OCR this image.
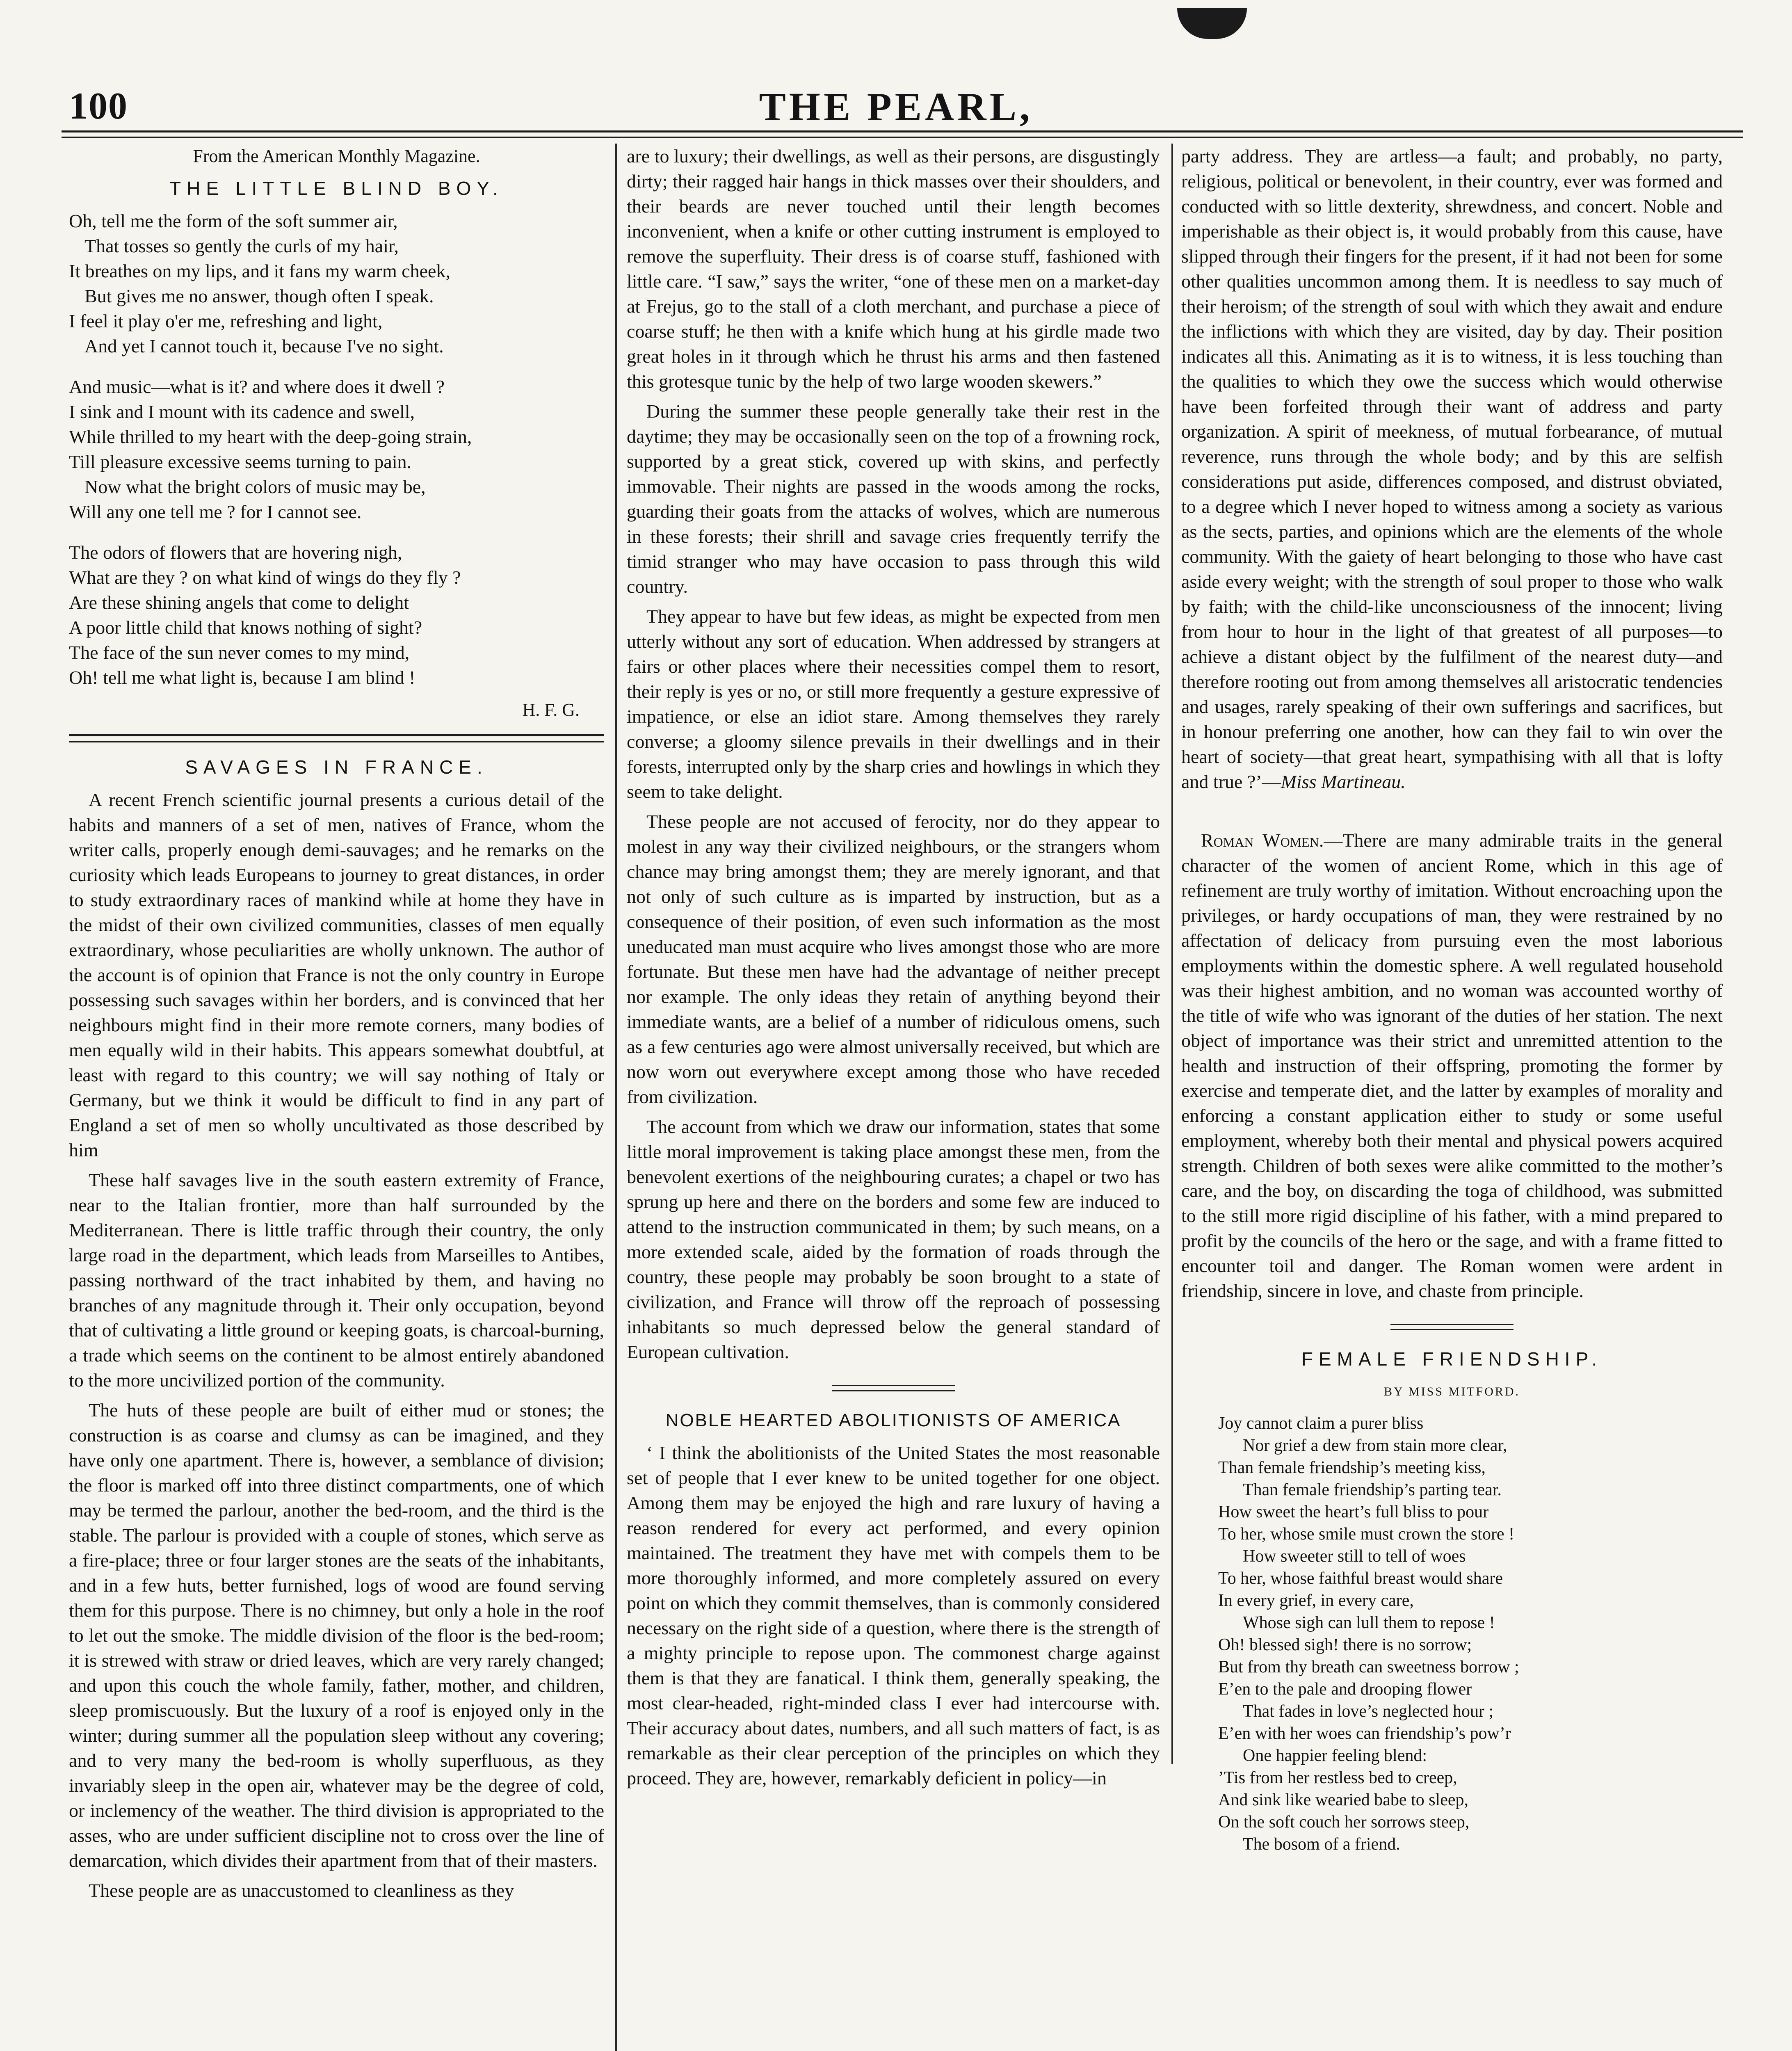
100	THE PEARL,
From the American Monthly Magazine.
THE LITTLE BLIND BOY.
Oh, tell me the form of the soft summer air,
That tosses so gently the curls of my hair,
It breathes on my lips, and it fans my warm cheek,
But gives me no answer, though often I speak.
I feel it play o'er me, refreshing and light,
And yet I cannot touch it, because I've no sight.
And music—what is it? and where does it dwell ?
I sink and I mount with its cadence and swell,
While thrilled to my heart with the deep-going strain,
Till pleasure excessive seems turning to pain.
Now what the bright colors of music may be,
Will any one tell me ? for I cannot see.
The odors of flowers that are hovering nigh,
What are they ? on what kind of wings do they fly ?
Are these shining angels that come to delight
A poor little child that knows nothing of sight?
The face of the sun never comes to my mind,
Oh! tell me what light is, because I am blind !
H. F. G.
SAVAGES IN FRANCE.

A recent French scientific journal presents a curious detail of the habits and manners of a set of men, natives of France, whom the writer calls, properly enough demi-sauvages; and he remarks on the curiosity which leads Europeans to journey to great distances, in order to study extraordinary races of mankind while at home they have in the midst of their own civilized communities, classes of men equally extraordinary, whose peculiarities are wholly unknown. The author of the account is of opinion that France is not the only country in Europe possessing such savages within her borders, and is convinced that her neighbours might find in their more remote corners, many bodies of men equally wild in their habits. This appears somewhat doubtful, at least with regard to this country; we will say nothing of Italy or Germany, but we think it would be difficult to find in any part of England a set of men so wholly uncultivated as those described by him

These half savages live in the south eastern extremity of France, near to the Italian frontier, more than half surrounded by the Mediterranean. There is little traffic through their country, the only large road in the department, which leads from Marseilles to Antibes, passing northward of the tract inhabited by them, and having no branches of any magnitude through it. Their only occupation, beyond that of cultivating a little ground or keeping goats, is charcoal-burning, a trade which seems on the continent to be almost entirely abandoned to the more uncivilized portion of the community.

The huts of these people are built of either mud or stones; the construction is as coarse and clumsy as can be imagined, and they have only one apartment. There is, however, a semblance of division; the floor is marked off into three distinct compartments, one of which may be termed the parlour, another the bed-room, and the third is the stable. The parlour is provided with a couple of stones, which serve as a fire-place; three or four larger stones are the seats of the inhabitants, and in a few huts, better furnished, logs of wood are found serving them for this purpose. There is no chimney, but only a hole in the roof to let out the smoke. The middle division of the floor is the bed-room; it is strewed with straw or dried leaves, which are very rarely changed; and upon this couch the whole family, father, mother, and children, sleep promiscuously. But the luxury of a roof is enjoyed only in the winter; during summer all the population sleep without any covering; and to very many the bed-room is wholly superfluous, as they invariably sleep in the open air, whatever may be the degree of cold, or inclemency of the weather. The third division is appropriated to the asses, who are under sufficient discipline not to cross over the line of demarcation, which divides their apartment from that of their masters.

These people are as unaccustomed to cleanliness as they

are to luxury; their dwellings, as well as their persons, are disgustingly dirty; their ragged hair hangs in thick masses over their shoulders, and their beards are never touched until their length becomes inconvenient, when a knife or other cutting instrument is employed to remove the superfluity. Their dress is of coarse stuff, fashioned with little care. “I saw,” says the writer, “one of these men on a market-day at Frejus, go to the stall of a cloth merchant, and purchase a piece of coarse stuff; he then with a knife which hung at his girdle made two great holes in it through which he thrust his arms and then fastened this grotesque tunic by the help of two large wooden skewers.”

During the summer these people generally take their rest in the daytime; they may be occasionally seen on the top of a frowning rock, supported by a great stick, covered up with skins, and perfectly immovable. Their nights are passed in the woods among the rocks, guarding their goats from the attacks of wolves, which are numerous in these forests; their shrill and savage cries frequently terrify the timid stranger who may have occasion to pass through this wild country.

They appear to have but few ideas, as might be expected from men utterly without any sort of education. When addressed by strangers at fairs or other places where their necessities compel them to resort, their reply is yes or no, or still more frequently a gesture expressive of impatience, or else an idiot stare. Among themselves they rarely converse; a gloomy silence prevails in their dwellings and in their forests, interrupted only by the sharp cries and howlings in which they seem to take delight.

These people are not accused of ferocity, nor do they appear to molest in any way their civilized neighbours, or the strangers whom chance may bring amongst them; they are merely ignorant, and that not only of such culture as is imparted by instruction, but as a consequence of their position, of even such information as the most uneducated man must acquire who lives amongst those who are more fortunate. But these men have had the advantage of neither precept nor example. The only ideas they retain of anything beyond their immediate wants, are a belief of a number of ridiculous omens, such as a few centuries ago were almost universally received, but which are now worn out everywhere except among those who have receded from civilization.

The account from which we draw our information, states that some little moral improvement is taking place amongst these men, from the benevolent exertions of the neighbouring curates; a chapel or two has sprung up here and there on the borders and some few are induced to attend to the instruction communicated in them; by such means, on a more extended scale, aided by the formation of roads through the country, these people may probably be soon brought to a state of civilization, and France will throw off the reproach of possessing inhabitants so much depressed below the general standard of European cultivation.

NOBLE HEARTED ABOLITIONISTS OF AMERICA

‘ I think the abolitionists of the United States the most reasonable set of people that I ever knew to be united together for one object. Among them may be enjoyed the high and rare luxury of having a reason rendered for every act performed, and every opinion maintained. The treatment they have met with compels them to be more thoroughly informed, and more completely assured on every point on which they commit themselves, than is commonly considered necessary on the right side of a question, where there is the strength of a mighty principle to repose upon. The commonest charge against them is that they are fanatical. I think them, generally speaking, the most clear-headed, right-minded class I ever had intercourse with. Their accuracy about dates, numbers, and all such matters of fact, is as remarkable as their clear perception of the principles on which they proceed. They are, however, remarkably deficient in policy—in

party address. They are artless—a fault; and probably, no party, religious, political or benevolent, in their country, ever was formed and conducted with so little dexterity, shrewdness, and concert. Noble and imperishable as their object is, it would probably from this cause, have slipped through their fingers for the present, if it had not been for some other qualities uncommon among them. It is needless to say much of their heroism; of the strength of soul with which they await and endure the inflictions with which they are visited, day by day. Their position indicates all this. Animating as it is to witness, it is less touching than the qualities to which they owe the success which would otherwise have been forfeited through their want of address and party organization. A spirit of meekness, of mutual forbearance, of mutual reverence, runs through the whole body; and by this are selfish considerations put aside, differences composed, and distrust obviated, to a degree which I never hoped to witness among a society as various as the sects, parties, and opinions which are the elements of the whole community. With the gaiety of heart belonging to those who have cast aside every weight; with the strength of soul proper to those who walk by faith; with the child-like unconsciousness of the innocent; living from hour to hour in the light of that greatest of all purposes—to achieve a distant object by the fulfilment of the nearest duty—and therefore rooting out from among themselves all aristocratic tendencies and usages, rarely speaking of their own sufferings and sacrifices, but in honour preferring one another, how can they fail to win over the heart of society—that great heart, sympathising with all that is lofty and true ?’—Miss Martineau.

Roman Women.—There are many admirable traits in the general character of the women of ancient Rome, which in this age of refinement are truly worthy of imitation. Without encroaching upon the privileges, or hardy occupations of man, they were restrained by no affectation of delicacy from pursuing even the most laborious employments within the domestic sphere. A well regulated household was their highest ambition, and no woman was accounted worthy of the title of wife who was ignorant of the duties of her station. The next object of importance was their strict and unremitted attention to the health and instruction of their offspring, promoting the former by exercise and temperate diet, and the latter by examples of morality and enforcing a constant application either to study or some useful employment, whereby both their mental and physical powers acquired strength. Children of both sexes were alike committed to the mother’s care, and the boy, on discarding the toga of childhood, was submitted to the still more rigid discipline of his father, with a mind prepared to profit by the councils of the hero or the sage, and with a frame fitted to encounter toil and danger. The Roman women were ardent in friendship, sincere in love, and chaste from principle.

FEMALE FRIENDSHIP.
BY MISS MITFORD.
Joy cannot claim a purer bliss
Nor grief a dew from stain more clear,
Than female friendship’s meeting kiss,
Than female friendship’s parting tear.
How sweet the heart’s full bliss to pour
To her, whose smile must crown the store !
How sweeter still to tell of woes
To her, whose faithful breast would share
In every grief, in every care,
Whose sigh can lull them to repose !
Oh! blessed sigh! there is no sorrow;
But from thy breath can sweetness borrow ;
E’en to the pale and drooping flower
That fades in love’s neglected hour ;
E’en with her woes can friendship’s pow’r
One happier feeling blend:
’Tis from her restless bed to creep,
And sink like wearied babe to sleep,
On the soft couch her sorrows steep,
The bosom of a friend.
